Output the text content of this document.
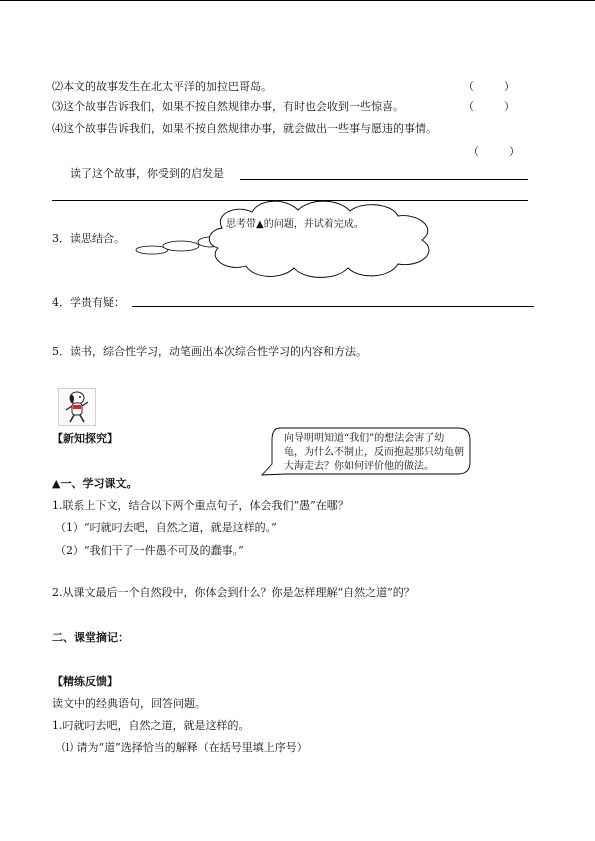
⑵本文的故事发生在北太平洋的加拉巴哥岛。	（	）
⑶这个故事告诉我们，如果不按自然规律办事，有时也会收到一些惊喜。	（	）
⑷这个故事告诉我们，如果不按自然规律办事，就会做出一些事与愿违的事情。
（	）
读了这个故事，你受到的启发是
3．读思结合。
思考带▲的问题，并试着完成。
4．学贵有疑：
5．读书，综合性学习，动笔画出本次综合性学习的内容和方法。
【新知探究】	向导明明知道“我们”的想法会害了幼龟，为什么不制止，反而抱起那只幼龟朝大海走去？你如何评价他的做法。
▲一、学习课文。
1.联系上下文，结合以下两个重点句子，体会我们“愚”在哪？
（1）“叼就叼去吧，自然之道，就是这样的。”
（2）“我们干了一件愚不可及的蠢事。”
2.从课文最后一个自然段中，你体会到什么？你是怎样理解“自然之道”的？
二、课堂摘记：
【精练反馈】
读文中的经典语句，回答问题。
1.叼就叼去吧，自然之道，就是这样的。
⑴ 请为“道”选择恰当的解释（在括号里填上序号）
